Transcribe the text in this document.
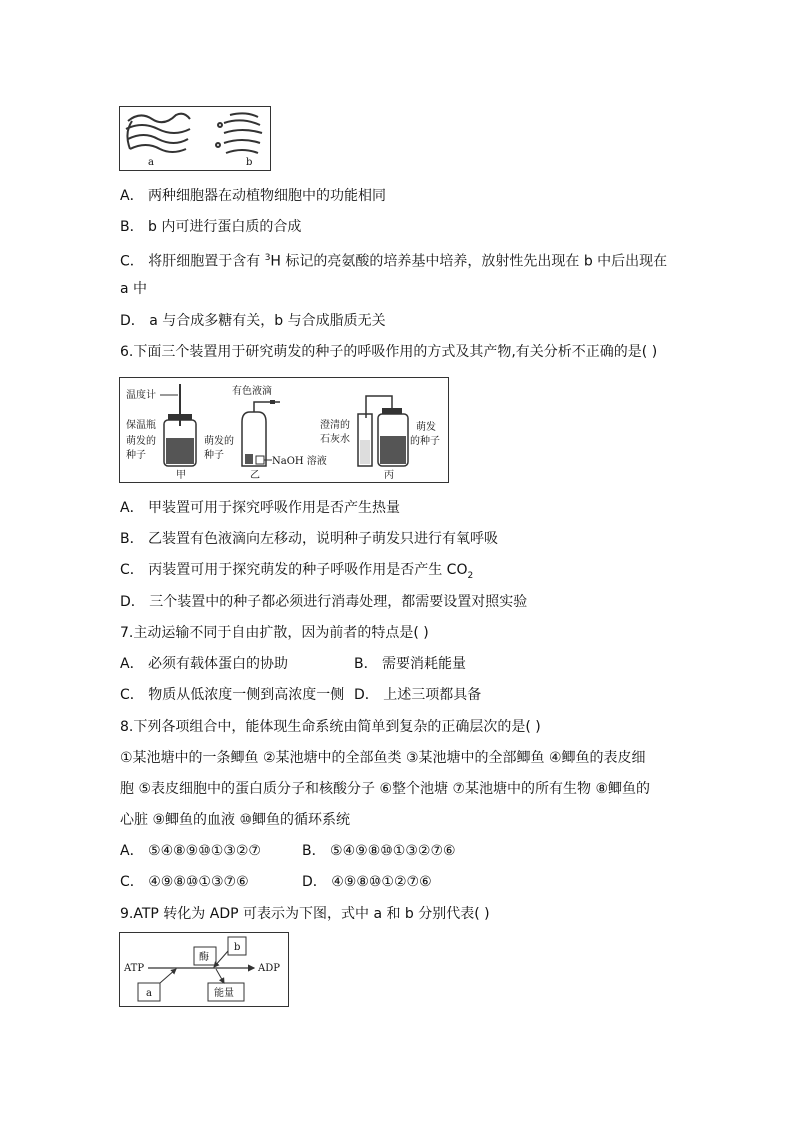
a	b
A． 两种细胞器在动植物细胞中的功能相同
B． b 内可进行蛋白质的合成
C． 将肝细胞置于含有 $^3$H 标记的亮氨酸的培养基中培养，放射性先出现在 b 中后出现在
a 中
D． a 与合成多糖有关，b 与合成脂质无关
6.下面三个装置用于研究萌发的种子的呼吸作用的方式及其产物,有关分析不正确的是( )
温度计
保温瓶
萌发的
种子
甲
有色液滴
萌发的
种子
NaOH 溶液
乙
澄清的
石灰水
萌发
的种子
丙
A． 甲装置可用于探究呼吸作用是否产生热量
B． 乙装置有色液滴向左移动，说明种子萌发只进行有氧呼吸
C． 丙装置可用于探究萌发的种子呼吸作用是否产生 $CO_2$
D． 三个装置中的种子都必须进行消毒处理，都需要设置对照实验
7.主动运输不同于自由扩散，因为前者的特点是( )
A． 必须有载体蛋白的协助	B． 需要消耗能量
C． 物质从低浓度一侧到高浓度一侧 D． 上述三项都具备
8.下列各项组合中，能体现生命系统由简单到复杂的正确层次的是( )
①某池塘中的一条鲫鱼 ②某池塘中的全部鱼类 ③某池塘中的全部鲫鱼 ④鲫鱼的表皮细
胞 ⑤表皮细胞中的蛋白质分子和核酸分子 ⑥整个池塘 ⑦某池塘中的所有生物 ⑧鲫鱼的
心脏 ⑨鲫鱼的血液 ⑩鲫鱼的循环系统
A． ⑤④⑧⑨⑩①③②⑦	B． ⑤④⑨⑧⑩①③②⑦⑥
C． ④⑨⑧⑩①③⑦⑥	D． ④⑨⑧⑩①②⑦⑥
9.ATP 转化为 ADP 可表示为下图，式中 a 和 b 分别代表( )
ATP	ADP
酶
b
a	能量
